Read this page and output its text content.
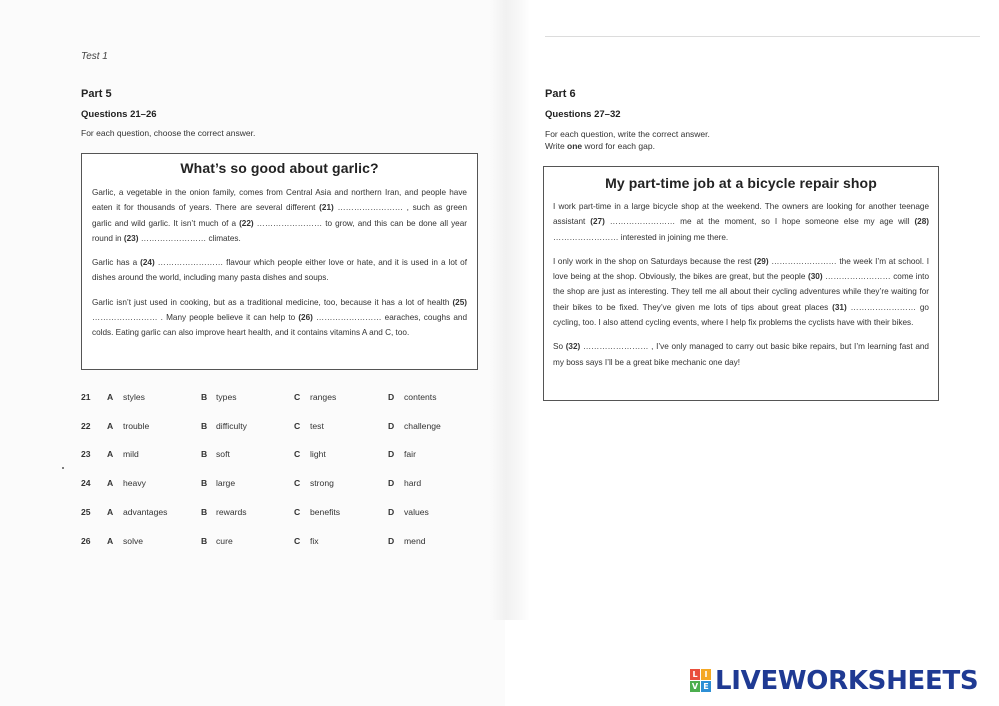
Test 1
Part 5
Questions 21–26
For each question, choose the correct answer.
What’s so good about garlic?

Garlic, a vegetable in the onion family, comes from Central Asia and northern Iran, and people have eaten it for thousands of years. There are several different (21) …………………… , such as green garlic and wild garlic. It isn’t much of a (22) …………………… to grow, and this can be done all year round in (23) …………………… climates.

Garlic has a (24) …………………… flavour which people either love or hate, and it is used in a lot of dishes around the world, including many pasta dishes and soups.

Garlic isn’t just used in cooking, but as a traditional medicine, too, because it has a lot of health (25) …………………… . Many people believe it can help to (26) …………………… earaches, coughs and colds. Eating garlic can also improve heart health, and it contains vitamins A and C, too.

21 A styles	B types	C ranges	D contents
22 A trouble	B difficulty	C test	D challenge
23 A mild	B soft	C light	D fair
24 A heavy	B large	C strong	D hard
25 A advantages	B rewards	C benefits	D values
26 A solve	B cure	C fix	D mend
Part 6
Questions 27–32
For each question, write the correct answer.
Write one word for each gap.
My part-time job at a bicycle repair shop

I work part-time in a large bicycle shop at the weekend. The owners are looking for another teenage assistant (27) …………………… me at the moment, so I hope someone else my age will (28) …………………… interested in joining me there.

I only work in the shop on Saturdays because the rest (29) …………………… the week I’m at school. I love being at the shop. Obviously, the bikes are great, but the people (30) …………………… come into the shop are just as interesting. They tell me all about their cycling adventures while they’re waiting for their bikes to be fixed. They’ve given me lots of tips about great places (31) …………………… go cycling, too. I also attend cycling events, where I help fix problems the cyclists have with their bikes.

So (32) …………………… , I’ve only managed to carry out basic bike repairs, but I’m learning fast and my boss says I’ll be a great bike mechanic one day!

L I
V E LIVEWORKSHEETS
